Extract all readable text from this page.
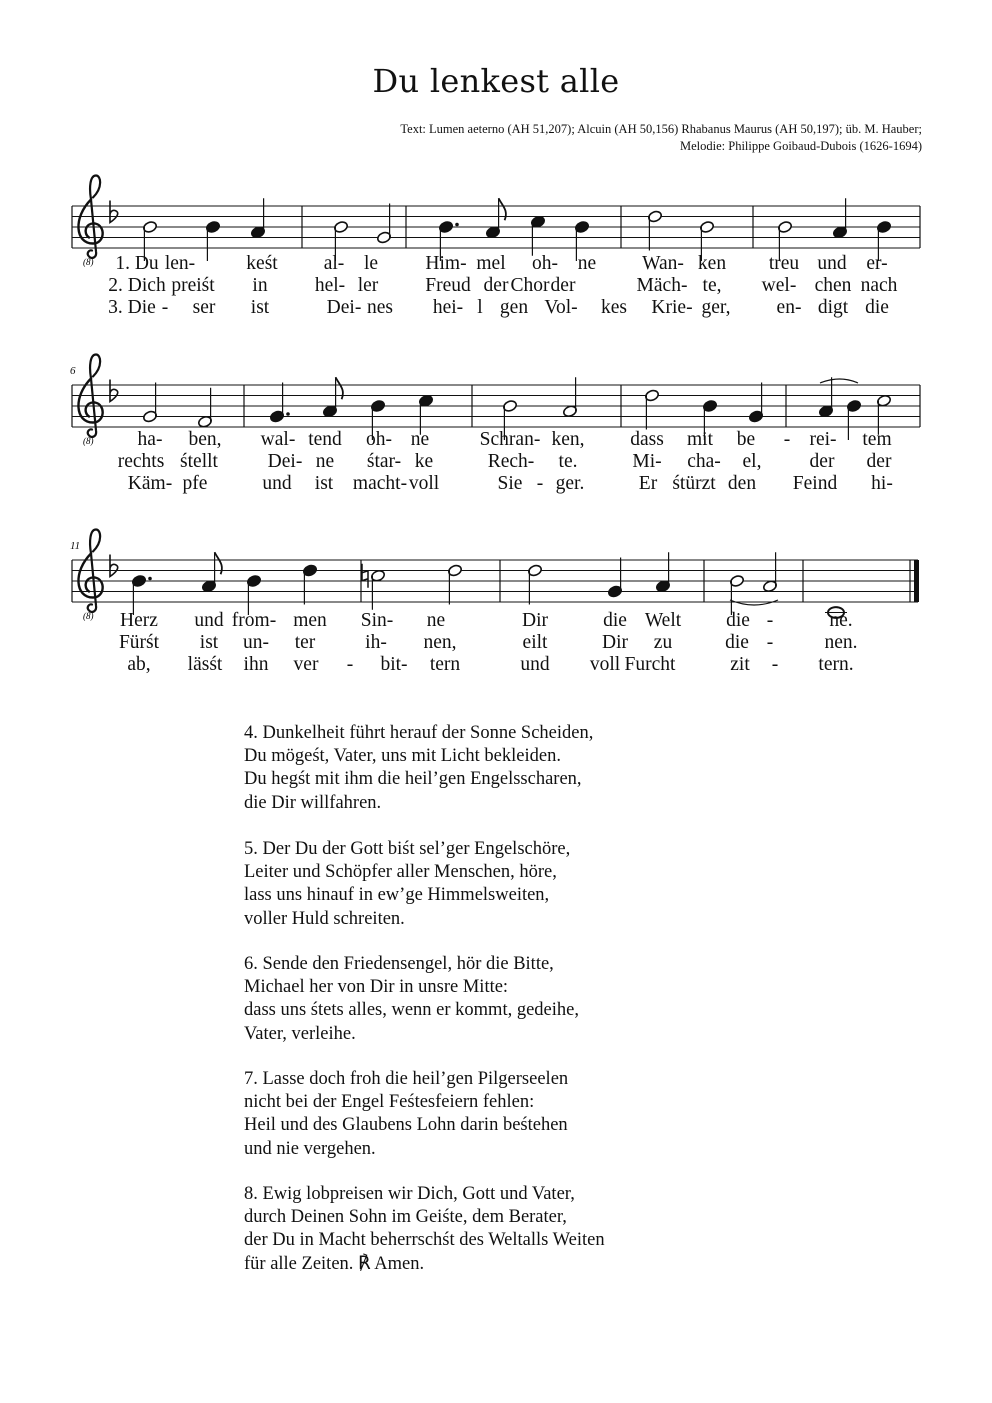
Du lenkest alle
Text: Lumen aeterno (AH 51,207); Alcuin (AH 50,156) Rhabanus Maurus (AH 50,197); üb. M. Hauber;
Melodie: Philippe Goibaud-Dubois (1626-1694)
(8)
(8)
(8)
6
11
1. Du len-	keśt al- le Him- mel oh- ne Wan- ken treu und er-
2. Dich preiśt in hel- ler Freud der Chor der	Mäch- te, wel- chen nach
3. Die - ser ist	Dei- nes hei- l gen Vol- kes Krie- ger, en- digt die
ha- ben, wal- tend oh- ne	Schran- ken, dass mit be - rei- tem
rechts śtellt	Dei- ne śtar- ke	Rech- te.	Mi- cha- el, der der
Käm- pfe	und ist macht- voll	Sie - ger.	Er śtürzt den Feind hi-
Herz und from- men Sin- ne	Dir	die Welt die -	ne.
Fürśt ist un- ter	ih- nen,	eilt	Dir zu	die -	nen.
ab, läsśt ihn ver - bit- tern	und voll Furcht	zit - tern.
4. Dunkelheit führt herauf der Sonne Scheiden,
Du mögeśt, Vater, uns mit Licht bekleiden.
Du hegśt mit ihm die heil’gen Engelsscharen,
die Dir willfahren.
5. Der Du der Gott biśt sel’ger Engelschöre,
Leiter und Schöpfer aller Menschen, höre,
lass uns hinauf in ew’ge Himmelsweiten,
voller Huld schreiten.
6. Sende den Friedensengel, hör die Bitte,
Michael her von Dir in unsre Mitte:
dass uns śtets alles, wenn er kommt, gedeihe,
Vater, verleihe.
7. Lasse doch froh die heil’gen Pilgerseelen
nicht bei der Engel Feśtesfeiern fehlen:
Heil und des Glaubens Lohn darin beśtehen
und nie vergehen.
8. Ewig lobpreisen wir Dich, Gott und Vater,
durch Deinen Sohn im Geiśte, dem Berater,
der Du in Macht beherrschśt des Weltalls Weiten
für alle Zeiten. ℟ Amen.
